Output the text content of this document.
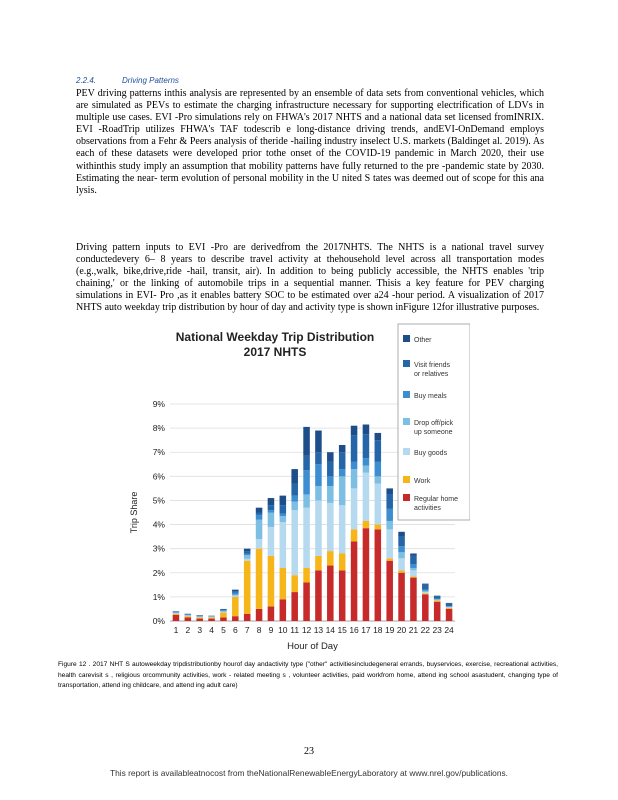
2.2.4.	Driving Patterns

PEV driving patterns inthis analysis are represented by an ensemble of data sets from conventional vehicles, which are simulated as PEVs to estimate the charging infrastructure necessary for supporting electrification of LDVs in multiple use cases. EVI -Pro simulations rely on FHWA's 2017 NHTS and a national data set licensed fromINRIX. EVI -RoadTrip utilizes FHWA's TAF todescrib e long-distance driving trends, andEVI-OnDemand employs observations from a Fehr & Peers analysis of theride -hailing industry inselect U.S. markets (Baldinget al. 2019). As each of these datasets were developed prior tothe onset of the COVID-19 pandemic in March 2020, their use withinthis study imply an assumption that mobility patterns have fully returned to the pre -pandemic state by 2030. Estimating the near- term evolution of personal mobility in the U nited S tates was deemed out of scope for this ana lysis.

Driving pattern inputs to EVI -Pro are derivedfrom the 2017NHTS. The NHTS is a national travel survey conductedevery 6– 8 years to describe travel activity at thehousehold level across all transportation modes (e.g.,walk, bike,drive,ride -hail, transit, air). In addition to being publicly accessible, the NHTS enables 'trip chaining,' or the linking of automobile trips in a sequential manner. Thisis a key feature for PEV charging simulations in EVI- Pro ,as it enables battery SOC to be estimated over a24 -hour period. A visualization of 2017 NHTS auto weekday trip distribution by hour of day and activity type is shown inFigure 12for illustrative purposes.

National Weekday Trip Distribution
2017 NHTS
0%
1%
2%
3%
4%
5%
6%
7%
8%
9%
1 2 3 4 5 6 7 8 9 10 11 12 13 14 15 16 17 18 19 20 21 22 23 24
Hour of Day
Trip Share
Other
Visit friends or relatives
Buy meals
Drop off/pick up someone
Buy goods
Work
Regular home activities

Figure 12 . 2017 NHT S autoweekday tripdistributionby hourof day andactivity type ("other" activitiesincludegeneral errands, buyservices, exercise, recreational activities, health carevisit s , religious orcommunity activities, work - related meeting s , volunteer activities, paid workfrom home, attend ing school asastudent, changing type of transportation, attend ing childcare, and attend ing adult care)

23
This report is availableatnocost from theNationalRenewableEnergyLaboratory at www.nrel.gov/publications.
